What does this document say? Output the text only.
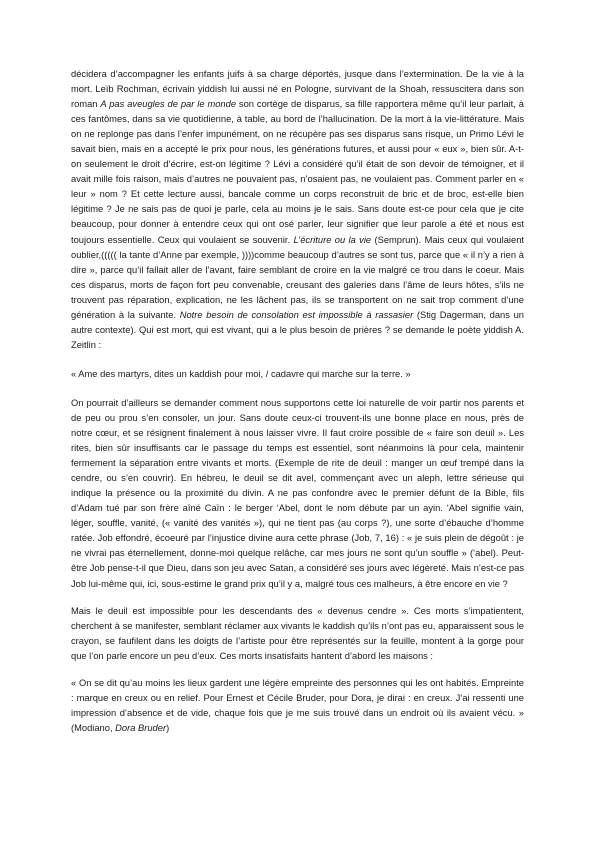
décidera d’accompagner les enfants juifs à sa charge déportés, jusque dans l’extermination. De la vie à la mort. Leïb Rochman, écrivain yiddish lui aussi né en Pologne, survivant de la Shoah, ressuscitera dans son roman A pas aveugles de par le monde son cortège de disparus, sa fille rapportera même qu’il leur parlait, à ces fantômes, dans sa vie quotidienne, à table, au bord de l’hallucination. De la mort à la vie-littérature. Mais on ne replonge pas dans l’enfer impunément, on ne récupère pas ses disparus sans risque, un Primo Lévi le savait bien, mais en a accepté le prix pour nous, les générations futures, et aussi pour « eux », bien sûr. A-t-on seulement le droit d’écrire, est-on légitime ? Lévi a considéré qu’il était de son devoir de témoigner, et il avait mille fois raison, mais d’autres ne pouvaient pas, n’osaient pas, ne voulaient pas. Comment parler en « leur » nom ? Et cette lecture aussi, bancale comme un corps reconstruit de bric et de broc, est-elle bien légitime ? Je ne sais pas de quoi je parle, cela au moins je le sais. Sans doute est-ce pour cela que je cite beaucoup, pour donner à entendre ceux qui ont osé parler, leur signifier que leur parole a été et nous est toujours essentielle. Ceux qui voulaient se souvenir. L’écriture ou la vie (Semprun). Mais ceux qui voulaient oublier,((((( la tante d’Anne par exemple, ))))comme beaucoup d’autres se sont tus, parce que « il n’y a rien à dire », parce qu’il fallait aller de l’avant, faire semblant de croire en la vie malgré ce trou dans le coeur. Mais ces disparus, morts de façon fort peu convenable, creusant des galeries dans l’âme de leurs hôtes, s’ils ne trouvent pas réparation, explication, ne les lâchent pas, ils se transportent on ne sait trop comment d’une génération à la suivante. Notre besoin de consolation est impossible à rassasier (Stig Dagerman, dans un autre contexte). Qui est mort, qui est vivant, qui a le plus besoin de prières ? se demande le poète yiddish A. Zeitlin :

« Ame des martyrs, dites un kaddish pour moi, / cadavre qui marche sur la terre. »

On pourrait d’ailleurs se demander comment nous supportons cette loi naturelle de voir partir nos parents et de peu ou prou s’en consoler, un jour. Sans doute ceux-ci trouvent-ils une bonne place en nous, près de notre cœur, et se résignent finalement à nous laisser vivre. Il faut croire possible de « faire son deuil ». Les rites, bien sûr insuffisants car le passage du temps est essentiel, sont néanmoins là pour cela, maintenir fermement la séparation entre vivants et morts. (Exemple de rite de deuil : manger un œuf trempé dans la cendre, ou s’en couvrir). En hébreu, le deuil se dit avel, commençant avec un aleph, lettre sérieuse qui indique la présence ou la proximité du divin. A ne pas confondre avec le premier défunt de la Bible, fils d’Adam tué par son frère aîné Caïn : le berger ‘Abel, dont le nom débute par un ayin. ‘Abel signifie vain, léger, souffle, vanité, (« vanité des vanités »), qui ne tient pas (au corps ?), une sorte d’ébauche d’homme ratée. Job effondré, écoeuré par l’injustice divine aura cette phrase (Job, 7, 16) : « je suis plein de dégoût : je ne vivrai pas éternellement, donne-moi quelque relâche, car mes jours ne sont qu’un souffle » (‘abel). Peut-être Job pense-t-il que Dieu, dans son jeu avec Satan, a considéré ses jours avec légèreté. Mais n’est-ce pas Job lui-même qui, ici, sous-estime le grand prix qu’il y a, malgré tous ces malheurs, à être encore en vie ?

Mais le deuil est impossible pour les descendants des « devenus cendre ». Ces morts s’impatientent, cherchent à se manifester, semblant réclamer aux vivants le kaddish qu’ils n’ont pas eu, apparaissent sous le crayon, se faufilent dans les doigts de l’artiste pour être représentés sur la feuille, montent à la gorge pour que l’on parle encore un peu d’eux. Ces morts insatisfaits hantent d’abord les maisons :

« On se dit qu’au moins les lieux gardent une légère empreinte des personnes qui les ont habités. Empreinte : marque en creux ou en relief. Pour Ernest et Cécile Bruder, pour Dora, je dirai : en creux. J’ai ressenti une impression d’absence et de vide, chaque fois que je me suis trouvé dans un endroit où ils avaient vécu. » (Modiano, Dora Bruder)
